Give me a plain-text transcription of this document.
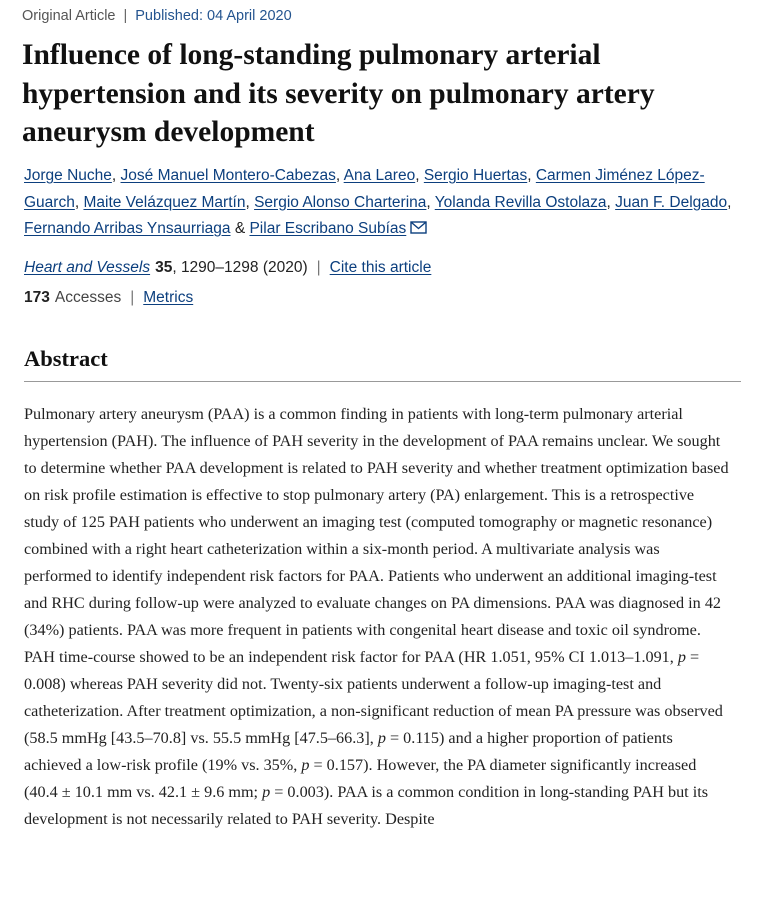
Original Article | Published: 04 April 2020
Influence of long-standing pulmonary arterial hypertension and its severity on pulmonary artery aneurysm development

Jorge Nuche, José Manuel Montero-Cabezas, Ana Lareo, Sergio Huertas, Carmen Jiménez López-Guarch, Maite Velázquez Martín, Sergio Alonso Charterina, Yolanda Revilla Ostolaza, Juan F. Delgado, Fernando Arribas Ynsaurriaga & Pilar Escribano Subías

Heart and Vessels 35, 1290–1298 (2020) | Cite this article
173 Accesses | Metrics
Abstract

Pulmonary artery aneurysm (PAA) is a common finding in patients with long-term pulmonary arterial hypertension (PAH). The influence of PAH severity in the development of PAA remains unclear. We sought to determine whether PAA development is related to PAH severity and whether treatment optimization based on risk profile estimation is effective to stop pulmonary artery (PA) enlargement. This is a retrospective study of 125 PAH patients who underwent an imaging test (computed tomography or magnetic resonance) combined with a right heart catheterization within a six-month period. A multivariate analysis was performed to identify independent risk factors for PAA. Patients who underwent an additional imaging-test and RHC during follow-up were analyzed to evaluate changes on PA dimensions. PAA was diagnosed in 42 (34%) patients. PAA was more frequent in patients with congenital heart disease and toxic oil syndrome. PAH time-course showed to be an independent risk factor for PAA (HR 1.051, 95% CI 1.013–1.091, p = 0.008) whereas PAH severity did not. Twenty-six patients underwent a follow-up imaging-test and catheterization. After treatment optimization, a non-significant reduction of mean PA pressure was observed (58.5 mmHg [43.5–70.8] vs. 55.5 mmHg [47.5–66.3], p = 0.115) and a higher proportion of patients achieved a low-risk profile (19% vs. 35%, p = 0.157). However, the PA diameter significantly increased (40.4 ± 10.1 mm vs. 42.1 ± 9.6 mm; p = 0.003). PAA is a common condition in long-standing PAH but its development is not necessarily related to PAH severity. Despite
